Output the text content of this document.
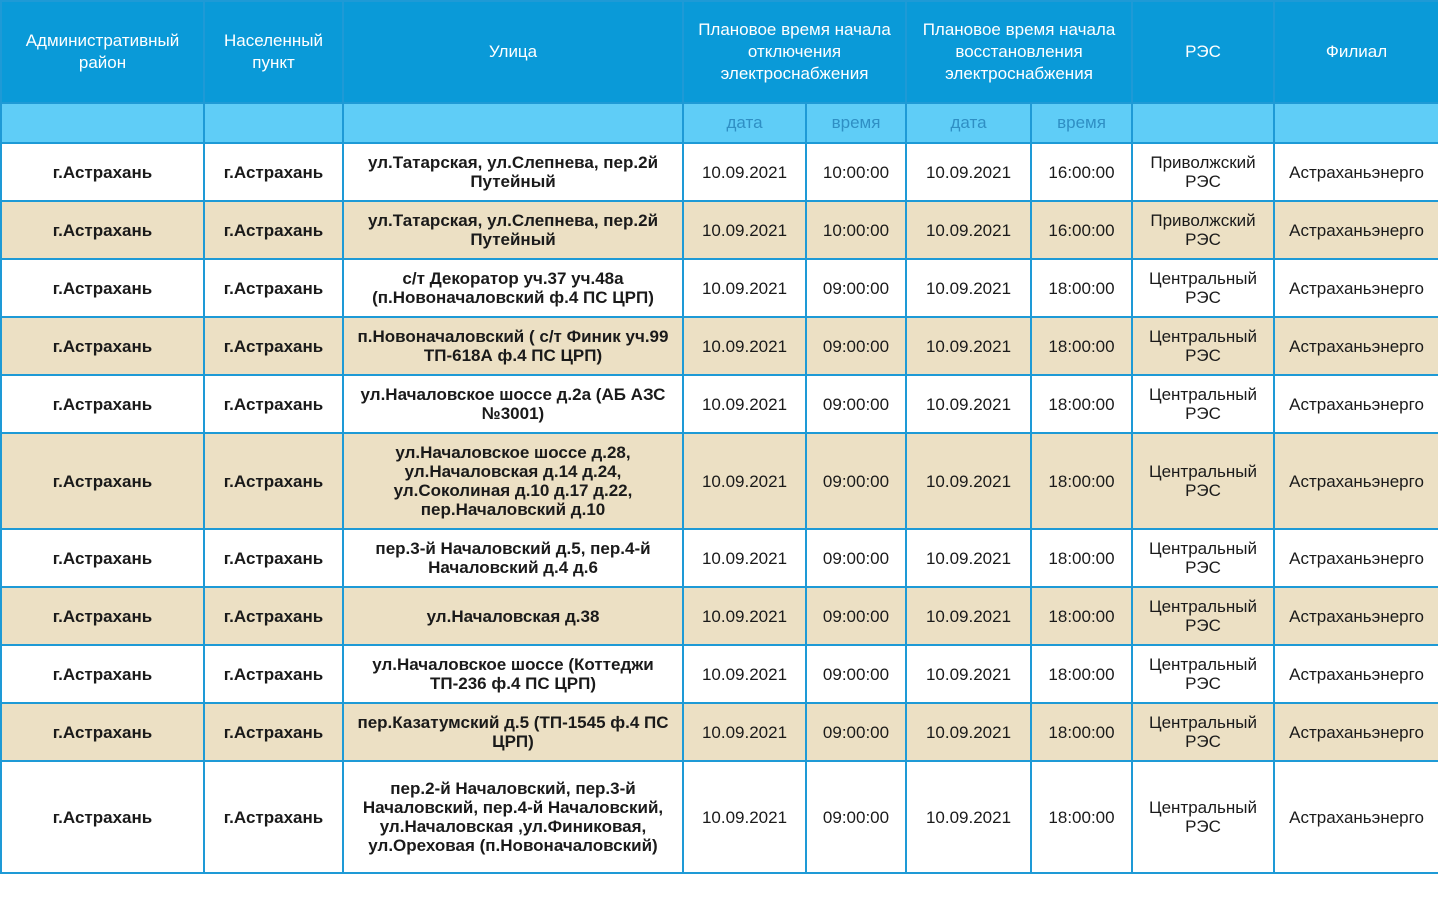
Административный район	Населенный пункт	Улица	Плановое время начала отключения электроснабжения		Плановое время начала восстановления электроснабжения		РЭС	Филиал
			дата	время	дата	время		
г.Астрахань	г.Астрахань	ул.Татарская, ул.Слепнева, пер.2й Путейный	10.09.2021	10:00:00	10.09.2021	16:00:00	Приволжский РЭС	Астраханьэнерго
г.Астрахань	г.Астрахань	ул.Татарская, ул.Слепнева, пер.2й Путейный	10.09.2021	10:00:00	10.09.2021	16:00:00	Приволжский РЭС	Астраханьэнерго
г.Астрахань	г.Астрахань	с/т Декоратор уч.37 уч.48а (п.Новоначаловский ф.4 ПС ЦРП)	10.09.2021	09:00:00	10.09.2021	18:00:00	Центральный РЭС	Астраханьэнерго
г.Астрахань	г.Астрахань	п.Новоначаловский ( с/т Финик уч.99 ТП-618А ф.4 ПС ЦРП)	10.09.2021	09:00:00	10.09.2021	18:00:00	Центральный РЭС	Астраханьэнерго
г.Астрахань	г.Астрахань	ул.Началовское шоссе д.2а (АБ АЗС №3001)	10.09.2021	09:00:00	10.09.2021	18:00:00	Центральный РЭС	Астраханьэнерго
г.Астрахань	г.Астрахань	ул.Началовское шоссе д.28, ул.Началовская д.14 д.24, ул.Соколиная д.10 д.17 д.22, пер.Началовский д.10	10.09.2021	09:00:00	10.09.2021	18:00:00	Центральный РЭС	Астраханьэнерго
г.Астрахань	г.Астрахань	пер.3-й Началовский д.5, пер.4-й Началовский д.4 д.6	10.09.2021	09:00:00	10.09.2021	18:00:00	Центральный РЭС	Астраханьэнерго
г.Астрахань	г.Астрахань	ул.Началовская д.38	10.09.2021	09:00:00	10.09.2021	18:00:00	Центральный РЭС	Астраханьэнерго
г.Астрахань	г.Астрахань	ул.Началовское шоссе (Коттеджи ТП-236 ф.4 ПС ЦРП)	10.09.2021	09:00:00	10.09.2021	18:00:00	Центральный РЭС	Астраханьэнерго
г.Астрахань	г.Астрахань	пер.Казатумский д.5 (ТП-1545 ф.4 ПС ЦРП)	10.09.2021	09:00:00	10.09.2021	18:00:00	Центральный РЭС	Астраханьэнерго
г.Астрахань	г.Астрахань	пер.2-й Началовский, пер.3-й Началовский, пер.4-й Началовский, ул.Началовская ,ул.Финиковая, ул.Ореховая (п.Новоначаловский)	10.09.2021	09:00:00	10.09.2021	18:00:00	Центральный РЭС	Астраханьэнерго
